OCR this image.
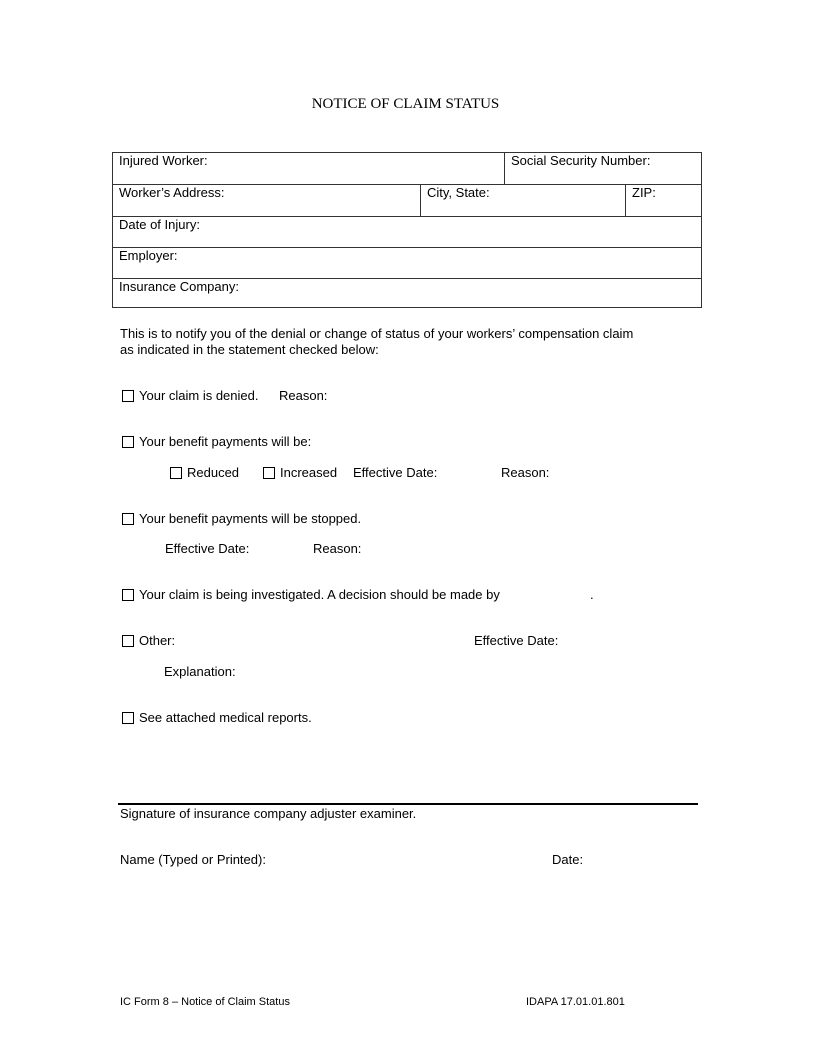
NOTICE OF CLAIM STATUS
Injured Worker:	Social Security Number:
Worker’s Address:	City, State:	ZIP:
Date of Injury:
Employer:
Insurance Company:
This is to notify you of the denial or change of status of your workers’ compensation claim
as indicated in the statement checked below:
Your claim is denied. Reason:
Your benefit payments will be:
Reduced	Increased Effective Date:	Reason:
Your benefit payments will be stopped.
Effective Date:	Reason:
Your claim is being investigated. A decision should be made by	.
Other:	Effective Date:
Explanation:
See attached medical reports.
Signature of insurance company adjuster examiner.
Name (Typed or Printed):	Date:
IC Form 8 – Notice of Claim Status	IDAPA 17.01.01.801
